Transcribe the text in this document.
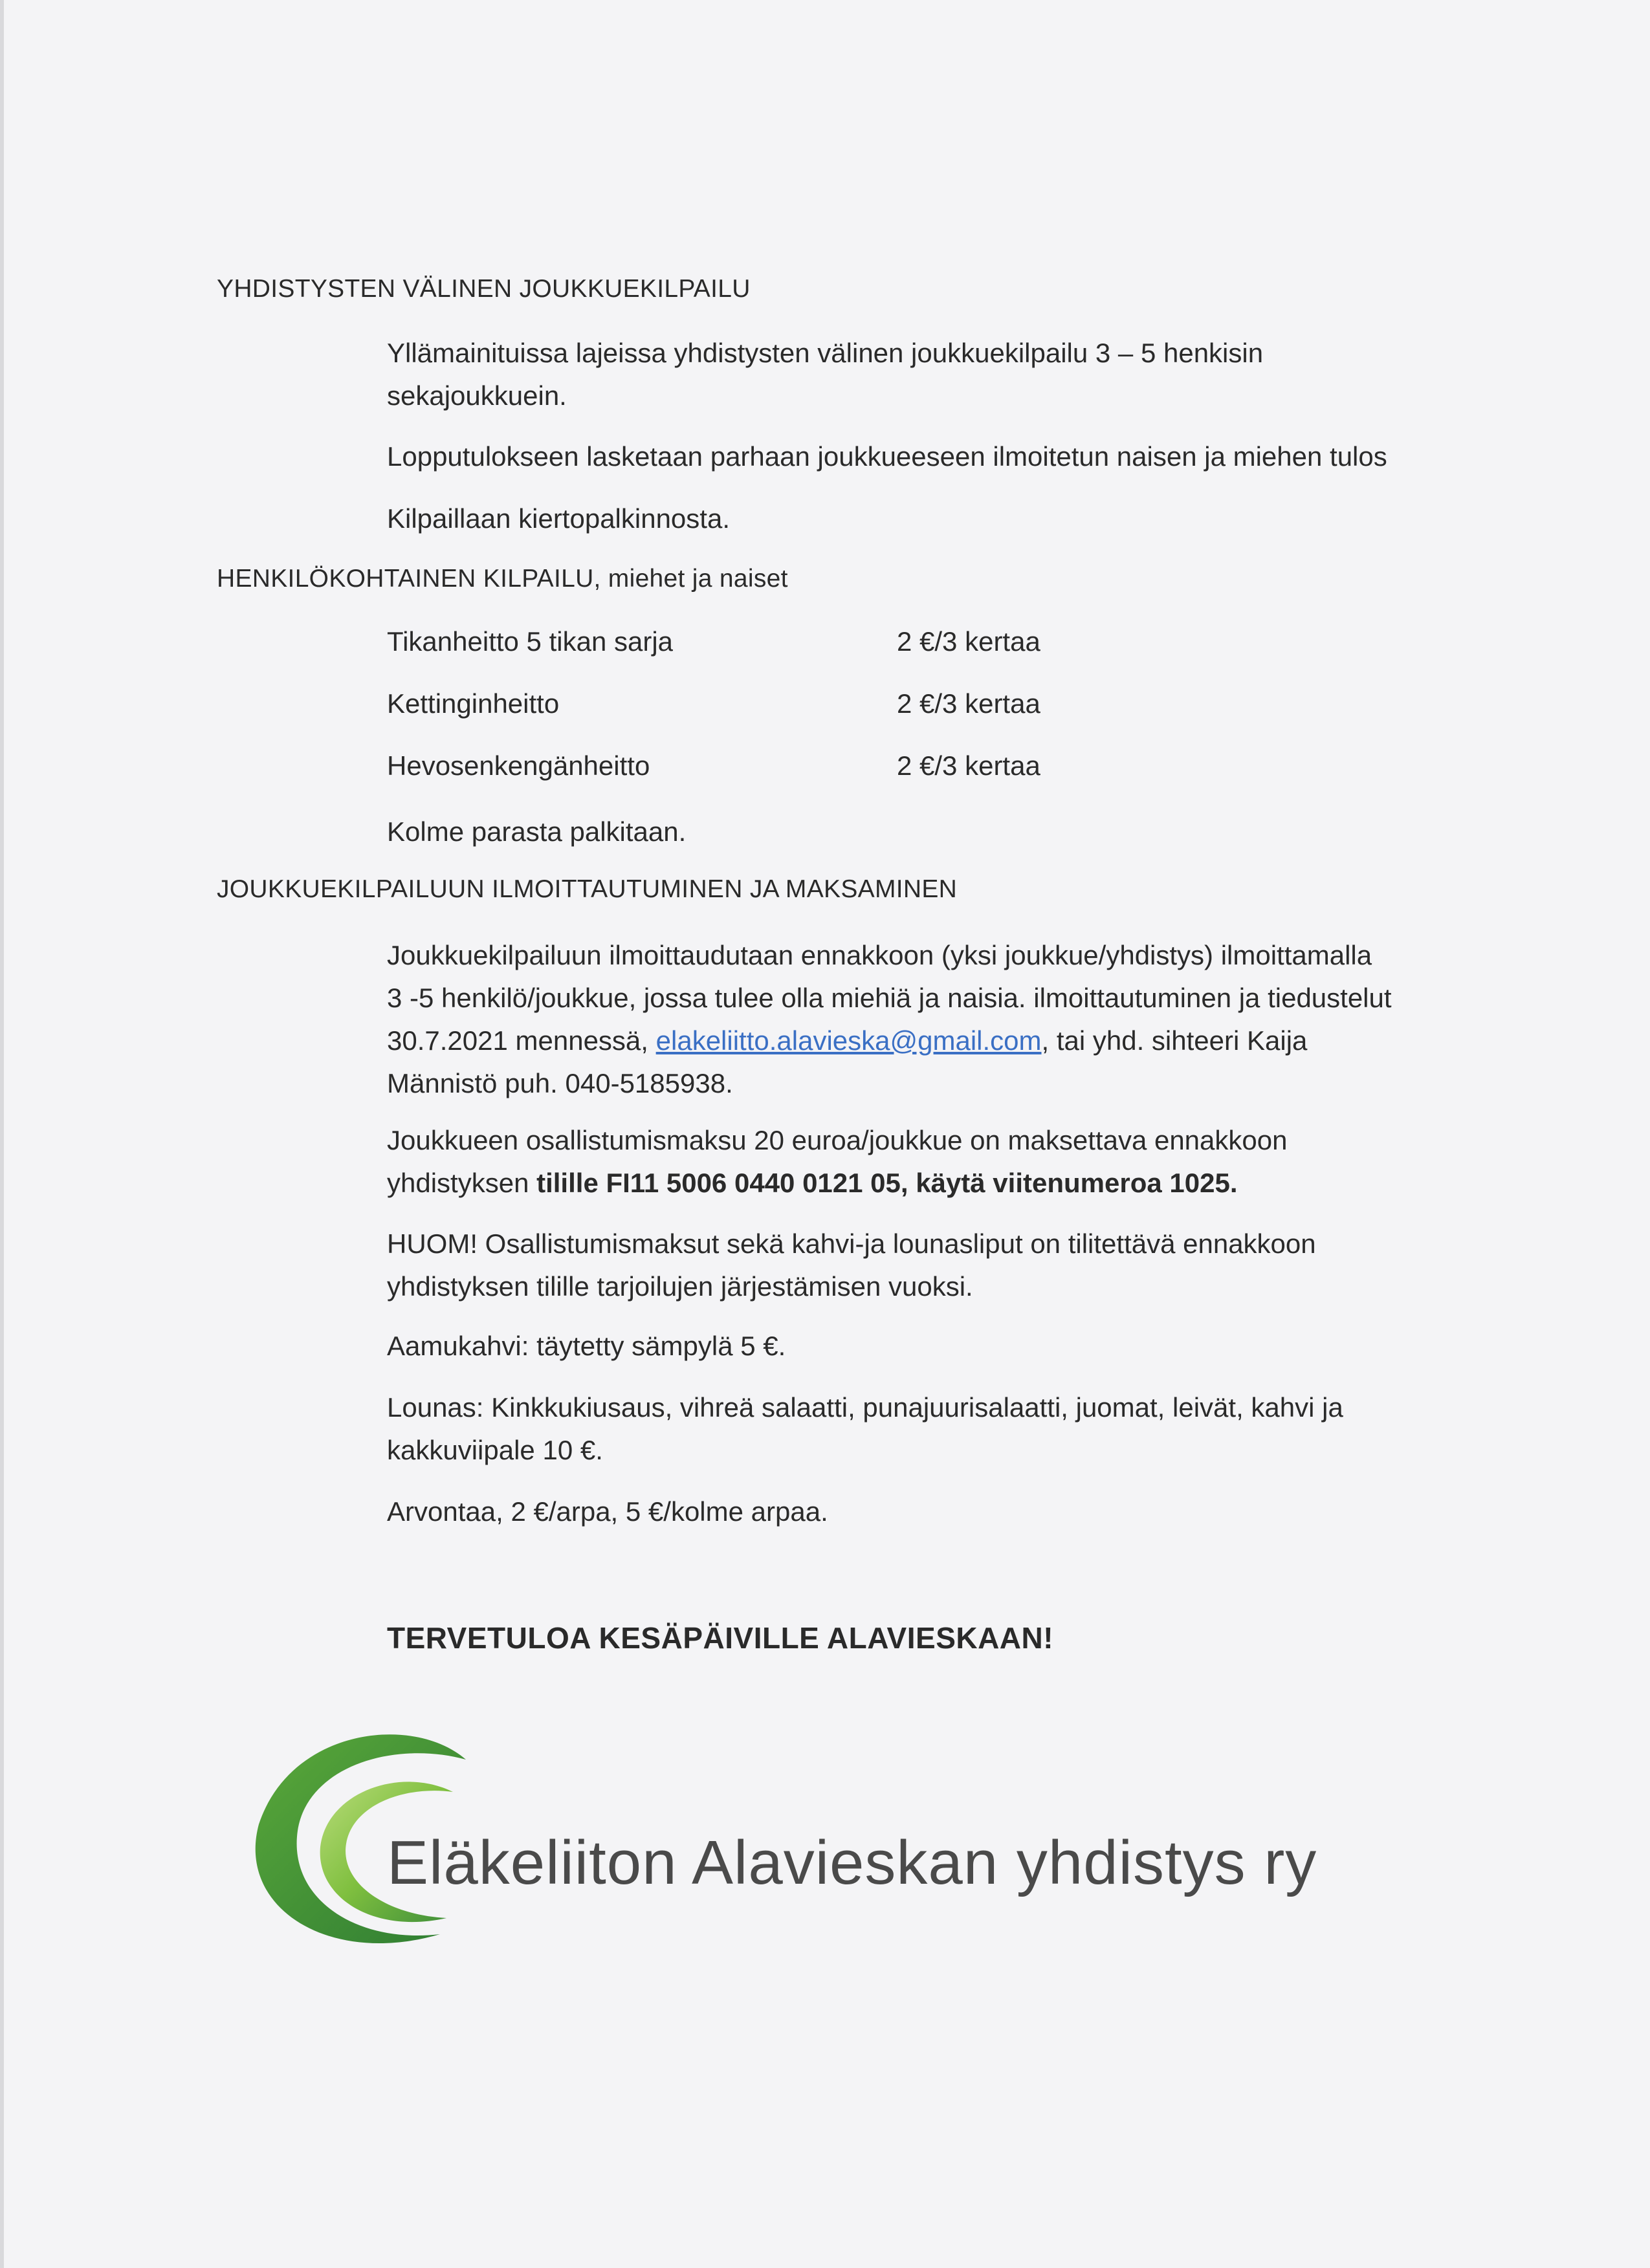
YHDISTYSTEN VÄLINEN JOUKKUEKILPAILU
Yllämainituissa lajeissa yhdistysten välinen joukkuekilpailu 3 – 5 henkisin
sekajoukkuein.
Lopputulokseen lasketaan parhaan joukkueeseen ilmoitetun naisen ja miehen tulos
Kilpaillaan kiertopalkinnosta.
HENKILÖKOHTAINEN KILPAILU, miehet ja naiset
Tikanheitto 5 tikan sarja	2 €/3 kertaa
Kettinginheitto	2 €/3 kertaa
Hevosenkengänheitto	2 €/3 kertaa
Kolme parasta palkitaan.
JOUKKUEKILPAILUUN ILMOITTAUTUMINEN JA MAKSAMINEN
Joukkuekilpailuun ilmoittaudutaan ennakkoon (yksi joukkue/yhdistys) ilmoittamalla
3 -5 henkilö/joukkue, jossa tulee olla miehiä ja naisia. ilmoittautuminen ja tiedustelut
30.7.2021 mennessä, elakeliitto.alavieska@gmail.com, tai yhd. sihteeri Kaija
Männistö puh. 040-5185938.
Joukkueen osallistumismaksu 20 euroa/joukkue on maksettava ennakkoon
yhdistyksen tilille FI11 5006 0440 0121 05, käytä viitenumeroa 1025.
HUOM! Osallistumismaksut sekä kahvi-ja lounasliput on tilitettävä ennakkoon
yhdistyksen tilille tarjoilujen järjestämisen vuoksi.
Aamukahvi: täytetty sämpylä 5 €.
Lounas: Kinkkukiusaus, vihreä salaatti, punajuurisalaatti, juomat, leivät, kahvi ja
kakkuviipale 10 €.
Arvontaa, 2 €/arpa, 5 €/kolme arpaa.
TERVETULOA KESÄPÄIVILLE ALAVIESKAAN!
Eläkeliiton Alavieskan yhdistys ry
